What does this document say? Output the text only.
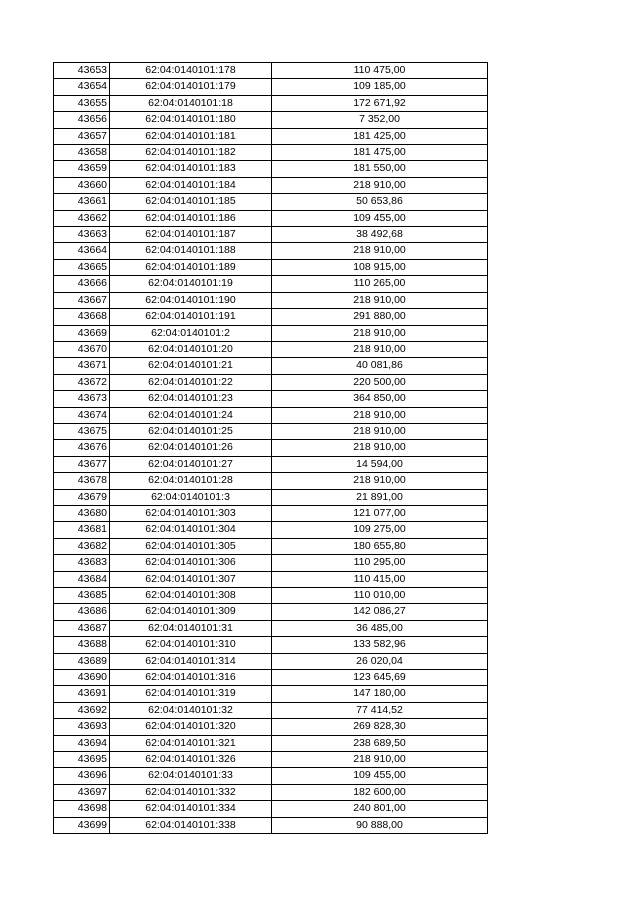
43653	62:04:0140101:178	110 475,00
43654	62:04:0140101:179	109 185,00
43655	62:04:0140101:18	172 671,92
43656	62:04:0140101:180	7 352,00
43657	62:04:0140101:181	181 425,00
43658	62:04:0140101:182	181 475,00
43659	62:04:0140101:183	181 550,00
43660	62:04:0140101:184	218 910,00
43661	62:04:0140101:185	50 653,86
43662	62:04:0140101:186	109 455,00
43663	62:04:0140101:187	38 492,68
43664	62:04:0140101:188	218 910,00
43665	62:04:0140101:189	108 915,00
43666	62:04:0140101:19	110 265,00
43667	62:04:0140101:190	218 910,00
43668	62:04:0140101:191	291 880,00
43669	62:04:0140101:2	218 910,00
43670	62:04:0140101:20	218 910,00
43671	62:04:0140101:21	40 081,86
43672	62:04:0140101:22	220 500,00
43673	62:04:0140101:23	364 850,00
43674	62:04:0140101:24	218 910,00
43675	62:04:0140101:25	218 910,00
43676	62:04:0140101:26	218 910,00
43677	62:04:0140101:27	14 594,00
43678	62:04:0140101:28	218 910,00
43679	62:04:0140101:3	21 891,00
43680	62:04:0140101:303	121 077,00
43681	62:04:0140101:304	109 275,00
43682	62:04:0140101:305	180 655,80
43683	62:04:0140101:306	110 295,00
43684	62:04:0140101:307	110 415,00
43685	62:04:0140101:308	110 010,00
43686	62:04:0140101:309	142 086,27
43687	62:04:0140101:31	36 485,00
43688	62:04:0140101:310	133 582,96
43689	62:04:0140101:314	26 020,04
43690	62:04:0140101:316	123 645,69
43691	62:04:0140101:319	147 180,00
43692	62:04:0140101:32	77 414,52
43693	62:04:0140101:320	269 828,30
43694	62:04:0140101:321	238 689,50
43695	62:04:0140101:326	218 910,00
43696	62:04:0140101:33	109 455,00
43697	62:04:0140101:332	182 600,00
43698	62:04:0140101:334	240 801,00
43699	62:04:0140101:338	90 888,00
